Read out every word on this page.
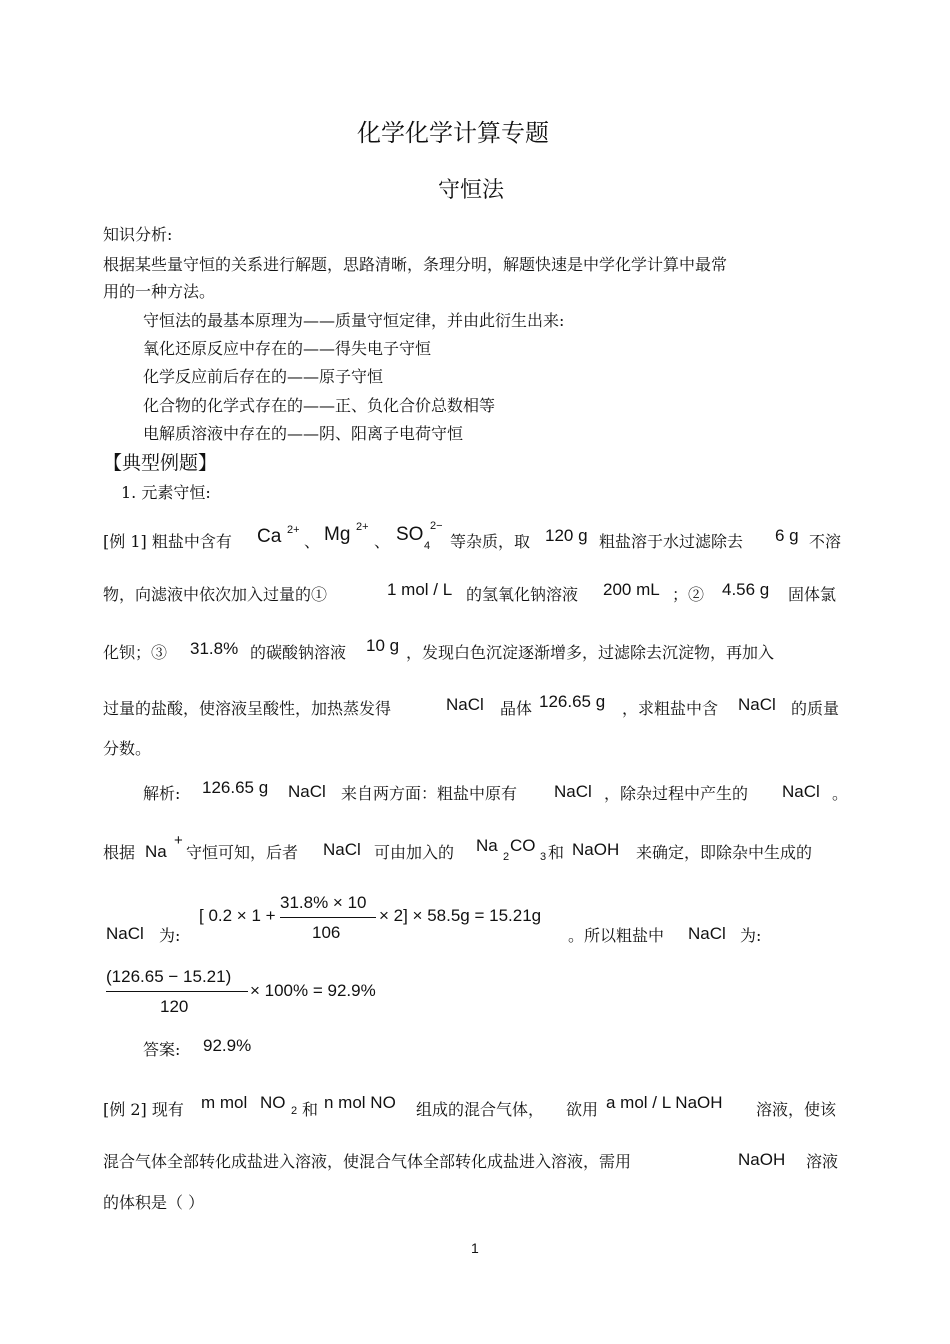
化学化学计算专题
守恒法
知识分析:
根据某些量守恒的关系进行解题，思路清晰，条理分明，解题快速是中学化学计算中最常
用的一种方法。
守恒法的最基本原理为——质量守恒定律，并由此衍生出来:
氧化还原反应中存在的——得失电子守恒
化学反应前后存在的——原子守恒
化合物的化学式存在的——正、负化合价总数相等
电解质溶液中存在的——阴、阳离子电荷守恒
【典型例题】
1. 元素守恒:
[例 1] 粗盐中含有 Ca 2+
、 Mg 2+
、 SO
4
2−
等杂质，取 120 g 粗盐溶于水过滤除去 6 g 不溶
物，向滤液中依次加入过量的①	1 mol / L 的氢氧化钠溶液 200 mL ；② 4.56 g 固体氯
化钡；③ 31.8% 的碳酸钠溶液 10 g ，发现白色沉淀逐渐增多，过滤除去沉淀物，再加入
过量的盐酸，使溶液呈酸性，加热蒸发得	NaCl 晶体 126.65 g ，求粗盐中含 NaCl 的质量
分数。
解析: 126.65 g NaCl 来自两方面：粗盐中原有 NaCl ，除杂过程中产生的 NaCl 。
根据 Na
+
守恒可知，后者 NaCl 可由加入的 Na
2
CO
3 和 NaOH 来确定，即除杂中生成的
NaCl 为:
[ 0.2 × 1 +
31.8% × 10
106
× 2] × 58.5g = 15.21g
。所以粗盐中 NaCl 为:
(126.65 − 15.21)
120
× 100% = 92.9%
答案: 92.9%
[例 2] 现有 m mol NO 2 和 n mol NO 组成的混合气体， 欲用 a mol / L NaOH 溶液，使该
混合气体全部转化成盐进入溶液，使混合气体全部转化成盐进入溶液，需用	NaOH 溶液
的体积是（ ）
1
